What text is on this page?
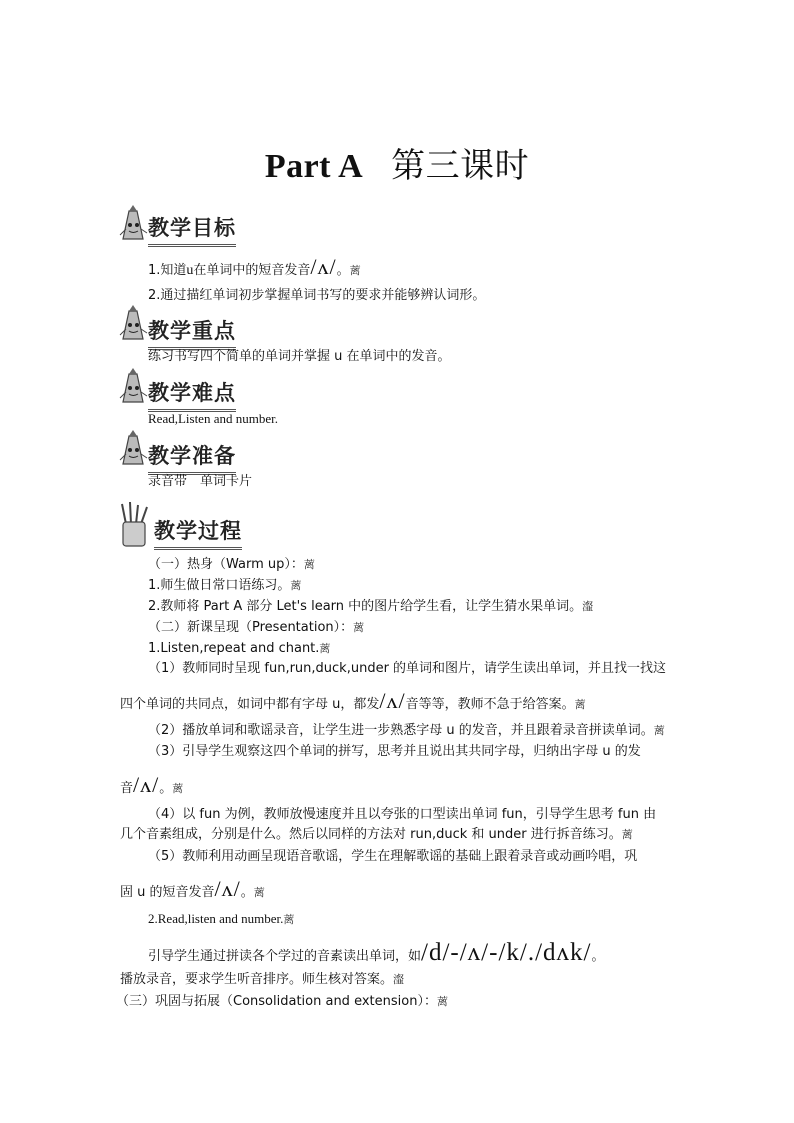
Part A 第三课时
教学目标
教学重点
教学难点
教学准备
教学过程
1.知道u在单词中的短音发音/ʌ/。蓠
2.通过描红单词初步掌握单词书写的要求并能够辨认词形。
练习书写四个简单的单词并掌握 u 在单词中的发音。
Read,Listen and number.
录音带　单词卡片
（一）热身（Warm up）：蓠
1.师生做日常口语练习。蓠
2.教师将 Part A 部分 Let's learn 中的图片给学生看，让学生猜水果单词。瀣
（二）新课呈现（Presentation）：蓠
1.Listen,repeat and chant.蓠
（1）教师同时呈现 fun,run,duck,under 的单词和图片，请学生读出单词，并且找一找这
四个单词的共同点，如词中都有字母 u，都发/ʌ/音等等，教师不急于给答案。蓠
（2）播放单词和歌谣录音，让学生进一步熟悉字母 u 的发音，并且跟着录音拼读单词。蓠
（3）引导学生观察这四个单词的拼写，思考并且说出其共同字母，归纳出字母 u 的发
音/ʌ/。蓠
（4）以 fun 为例，教师放慢速度并且以夸张的口型读出单词 fun，引导学生思考 fun 由
几个音素组成，分别是什么。然后以同样的方法对 run,duck 和 under 进行拆音练习。蓠
（5）教师利用动画呈现语音歌谣，学生在理解歌谣的基础上跟着录音或动画吟唱，巩
固 u 的短音发音/ʌ/。蓠
2.Read,listen and number.蓠
引导学生通过拼读各个学过的音素读出单词，如/d/-/ʌ/-/k/./dʌk/。
播放录音，要求学生听音排序。师生核对答案。瀣
（三）巩固与拓展（Consolidation and extension）：蓠
